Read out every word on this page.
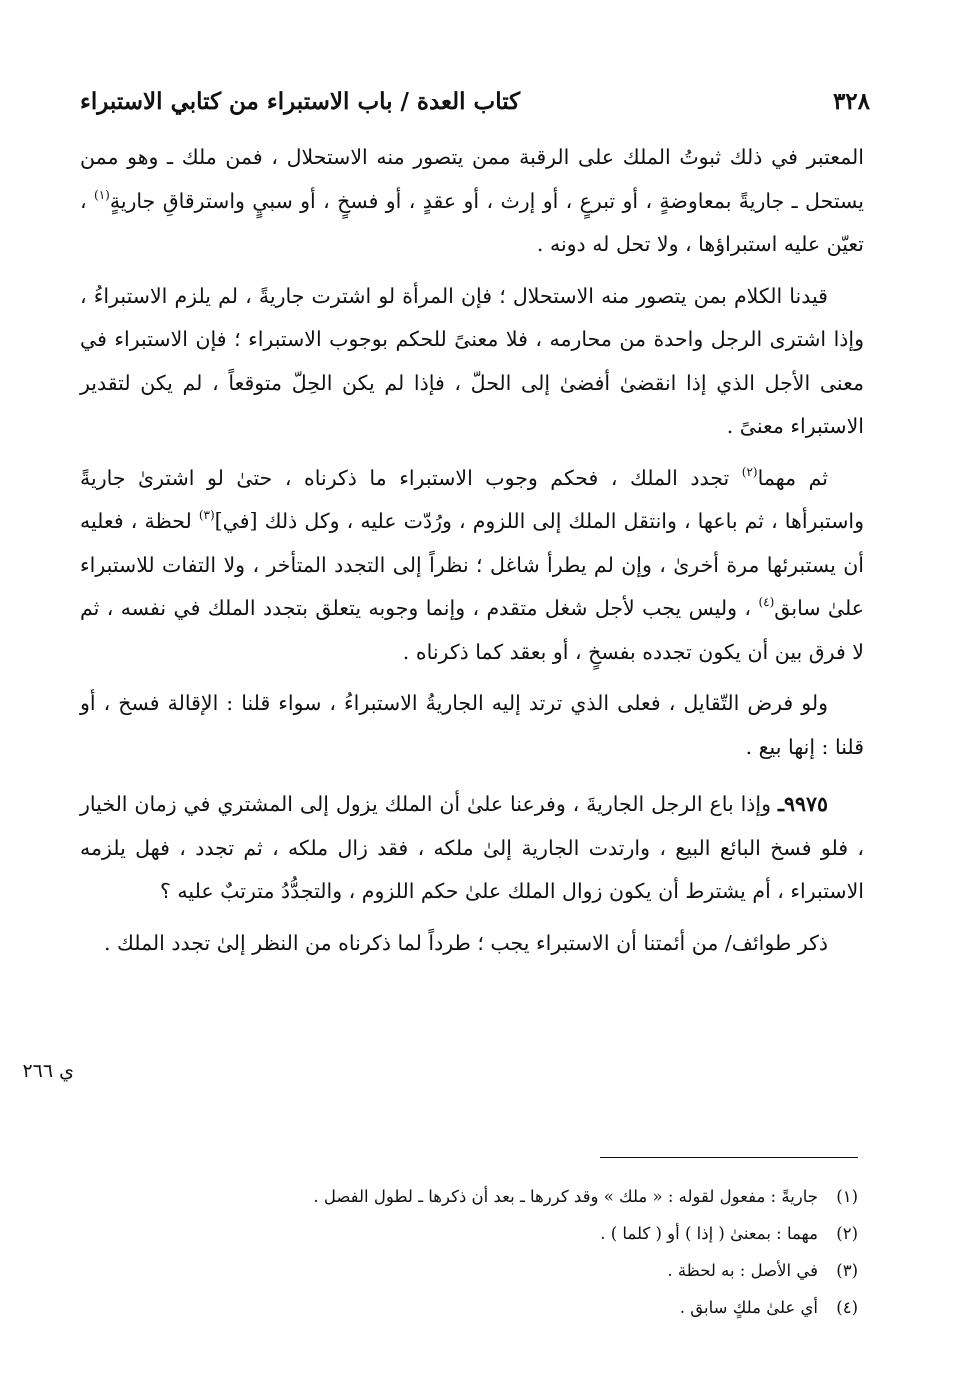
٣٢٨
كتاب العدة / باب الاستبراء من كتابي الاستبراء

المعتبر في ذلك ثبوتُ الملك على الرقبة ممن يتصور منه الاستحلال ، فمن ملك ـ وهو ممن يستحل ـ جاريةً بمعاوضةٍ ، أو تبرعٍ ، أو إرث ، أو عقدٍ ، أو فسخٍ ، أو سبيٍ واسترقاقِ جاريةٍ$^{(١)}$ ، تعيّن عليه استبراؤها ، ولا تحل له دونه .

قيدنا الكلام بمن يتصور منه الاستحلال ؛ فإن المرأة لو اشترت جاريةً ، لم يلزم الاستبراءُ ، وإذا اشترى الرجل واحدة من محارمه ، فلا معنىً للحكم بوجوب الاستبراء ؛ فإن الاستبراء في معنى الأجل الذي إذا انقضىٰ أفضىٰ إلى الحلّ ، فإذا لم يكن الحِلّ متوقعاً ، لم يكن لتقدير الاستبراء معنىً .

ثم مهما$^{(٢)}$ تجدد الملك ، فحكم وجوب الاستبراء ما ذكرناه ، حتىٰ لو اشترىٰ جاريةً واستبرأها ، ثم باعها ، وانتقل الملك إلى اللزوم ، ورُدّت عليه ، وكل ذلك [في]$^{(٣)}$ لحظة ، فعليه أن يستبرئها مرة أخرىٰ ، وإن لم يطرأ شاغل ؛ نظراً إلى التجدد المتأخر ، ولا التفات للاستبراء علىٰ سابق$^{(٤)}$ ، وليس يجب لأجل شغل متقدم ، وإنما وجوبه يتعلق بتجدد الملك في نفسه ، ثم لا فرق بين أن يكون تجدده بفسخٍ ، أو بعقد كما ذكرناه .

ولو فرض التّقايل ، فعلى الذي ترتد إليه الجاريةُ الاستبراءُ ، سواء قلنا : الإقالة فسخ ، أو قلنا : إنها بيع .

٩٩٧٥ـ وإذا باع الرجل الجاريةَ ، وفرعنا علىٰ أن الملك يزول إلى المشتري في زمان الخيار ، فلو فسخ البائع البيع ، وارتدت الجارية إلىٰ ملكه ، فقد زال ملكه ، ثم تجدد ، فهل يلزمه الاستبراء ، أم يشترط أن يكون زوال الملك علىٰ حكم اللزوم ، والتجدُّدُ مترتبٌ عليه ؟

ذكر طوائف/ من أئمتنا أن الاستبراء يجب ؛ طرداً لما ذكرناه من النظر إلىٰ تجدد الملك .

ي ٢٦٦
(١)جاريةً : مفعول لقوله : « ملك » وقد كررها ـ بعد أن ذكرها ـ لطول الفصل .
(٢)مهما : بمعنىٰ ( إذا ) أو ( كلما ) .
(٣)في الأصل : به لحظة .
(٤)أي علىٰ ملكٍ سابق .
